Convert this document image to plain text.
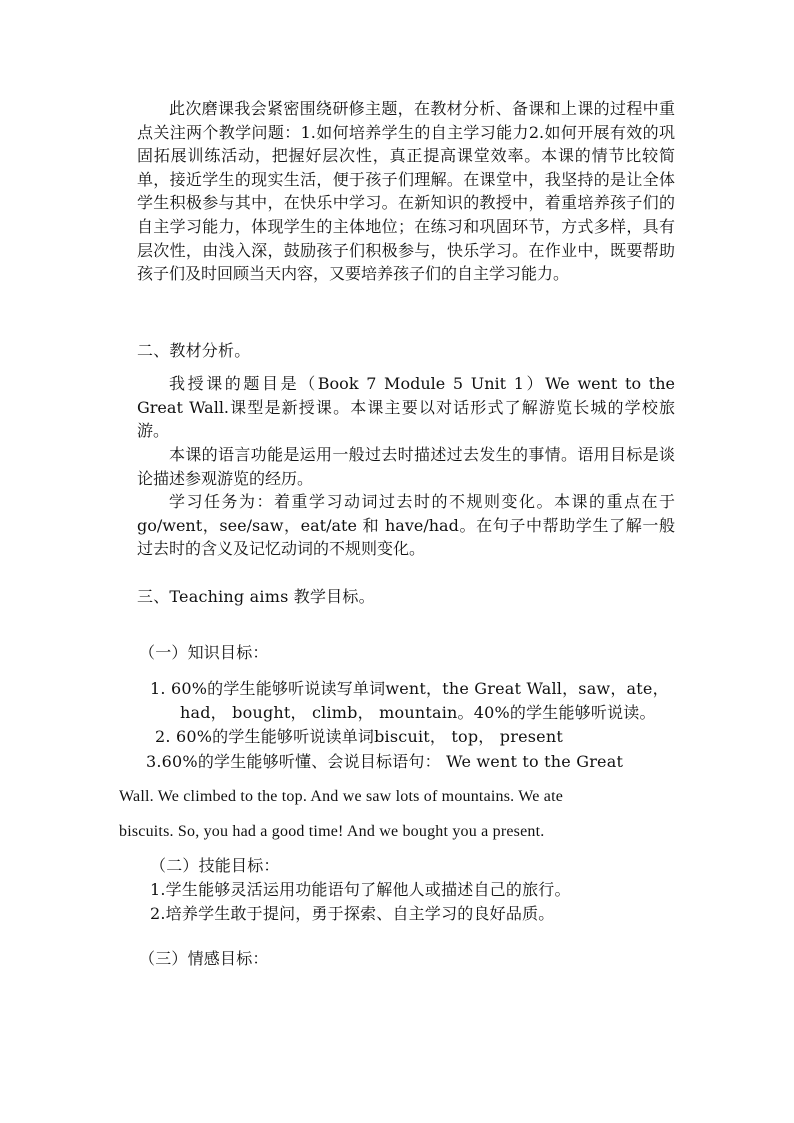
此次磨课我会紧密围绕研修主题，在教材分析、备课和上课的过程中重点关注两个教学问题：1.如何培养学生的自主学习能力2.如何开展有效的巩固拓展训练活动，把握好层次性，真正提高课堂效率。本课的情节比较简单，接近学生的现实生活，便于孩子们理解。在课堂中，我坚持的是让全体学生积极参与其中，在快乐中学习。在新知识的教授中，着重培养孩子们的自主学习能力，体现学生的主体地位；在练习和巩固环节，方式多样，具有层次性，由浅入深，鼓励孩子们积极参与，快乐学习。在作业中，既要帮助孩子们及时回顾当天内容，又要培养孩子们的自主学习能力。

二、教材分析。

我授课的题目是（Book 7 Module 5 Unit 1）We went to the Great Wall.课型是新授课。本课主要以对话形式了解游览长城的学校旅游。

本课的语言功能是运用一般过去时描述过去发生的事情。语用目标是谈论描述参观游览的经历。

学习任务为：着重学习动词过去时的不规则变化。本课的重点在于 go/went，see/saw，eat/ate 和 have/had。在句子中帮助学生了解一般过去时的含义及记忆动词的不规则变化。

三、Teaching aims 教学目标。
（一）知识目标：
1. 60%的学生能够听说读写单词went，the Great Wall，saw，ate，
had， bought， climb， mountain。40%的学生能够听说读。
2. 60%的学生能够听说读单词biscuit， top， present
3.60%的学生能够听懂、会说目标语句： We went to the Great
Wall. We climbed to the top. And we saw lots of mountains. We ate
biscuits. So, you had a good time! And we bought you a present.
（二）技能目标：
1.学生能够灵活运用功能语句了解他人或描述自己的旅行。
2.培养学生敢于提问，勇于探索、自主学习的良好品质。
（三）情感目标：
